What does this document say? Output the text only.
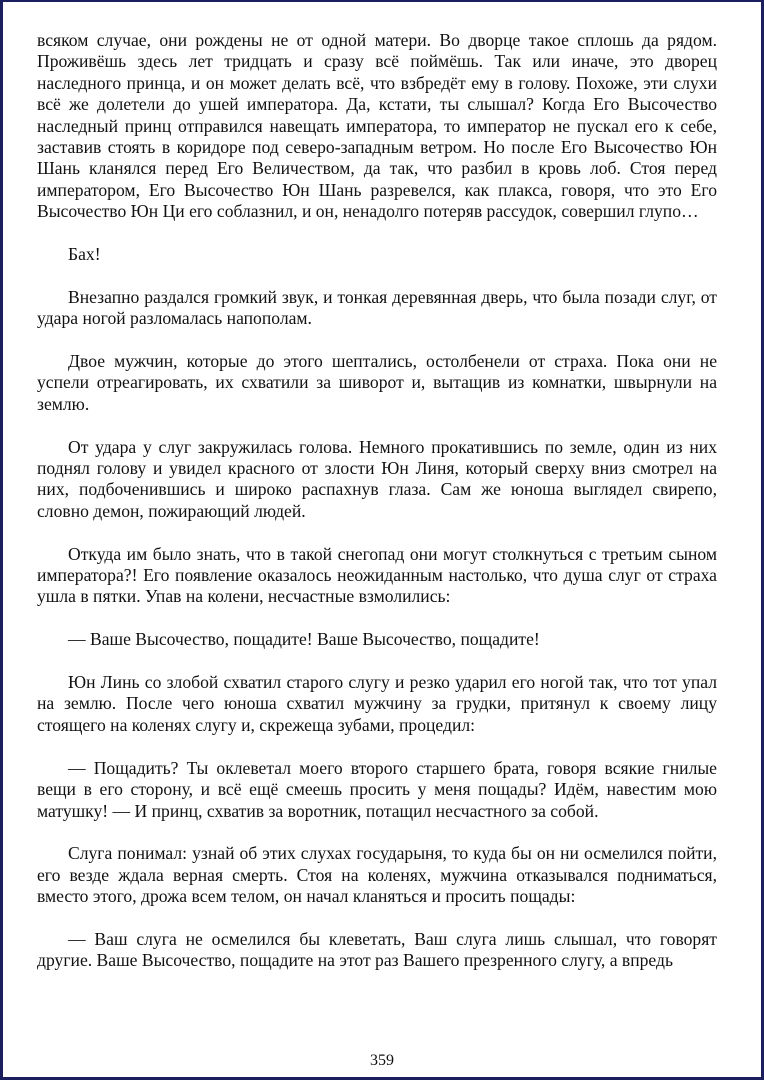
всяком случае, они рождены не от одной матери. Во дворце такое сплошь да рядом. Проживёшь здесь лет тридцать и сразу всё поймёшь. Так или иначе, это дворец наследного принца, и он может делать всё, что взбредёт ему в голову. Похоже, эти слухи всё же долетели до ушей императора. Да, кстати, ты слышал? Когда Его Высочество наследный принц отправился навещать императора, то император не пускал его к себе, заставив стоять в коридоре под северо-западным ветром. Но после Его Высочество Юн Шань кланялся перед Его Величеством, да так, что разбил в кровь лоб. Стоя перед императором, Его Высочество Юн Шань разревелся, как плакса, говоря, что это Его Высочество Юн Ци его соблазнил, и он, ненадолго потеряв рассудок, совершил глупо…

Бах!

Внезапно раздался громкий звук, и тонкая деревянная дверь, что была позади слуг, от удара ногой разломалась напополам.

Двое мужчин, которые до этого шептались, остолбенели от страха. Пока они не успели отреагировать, их схватили за шиворот и, вытащив из комнатки, швырнули на землю.

От удара у слуг закружилась голова. Немного прокатившись по земле, один из них поднял голову и увидел красного от злости Юн Линя, который сверху вниз смотрел на них, подбоченившись и широко распахнув глаза. Сам же юноша выглядел свирепо, словно демон, пожирающий людей.

Откуда им было знать, что в такой снегопад они могут столкнуться с третьим сыном императора?! Его появление оказалось неожиданным настолько, что душа слуг от страха ушла в пятки. Упав на колени, несчастные взмолились:

— Ваше Высочество, пощадите! Ваше Высочество, пощадите!

Юн Линь со злобой схватил старого слугу и резко ударил его ногой так, что тот упал на землю. После чего юноша схватил мужчину за грудки, притянул к своему лицу стоящего на коленях слугу и, скрежеща зубами, процедил:

— Пощадить? Ты оклеветал моего второго старшего брата, говоря всякие гнилые вещи в его сторону, и всё ещё смеешь просить у меня пощады? Идём, навестим мою матушку! — И принц, схватив за воротник, потащил несчастного за собой.

Слуга понимал: узнай об этих слухах государыня, то куда бы он ни осмелился пойти, его везде ждала верная смерть. Стоя на коленях, мужчина отказывался подниматься, вместо этого, дрожа всем телом, он начал кланяться и просить пощады:

— Ваш слуга не осмелился бы клеветать, Ваш слуга лишь слышал, что говорят другие. Ваше Высочество, пощадите на этот раз Вашего презренного слугу, а впредь

359
